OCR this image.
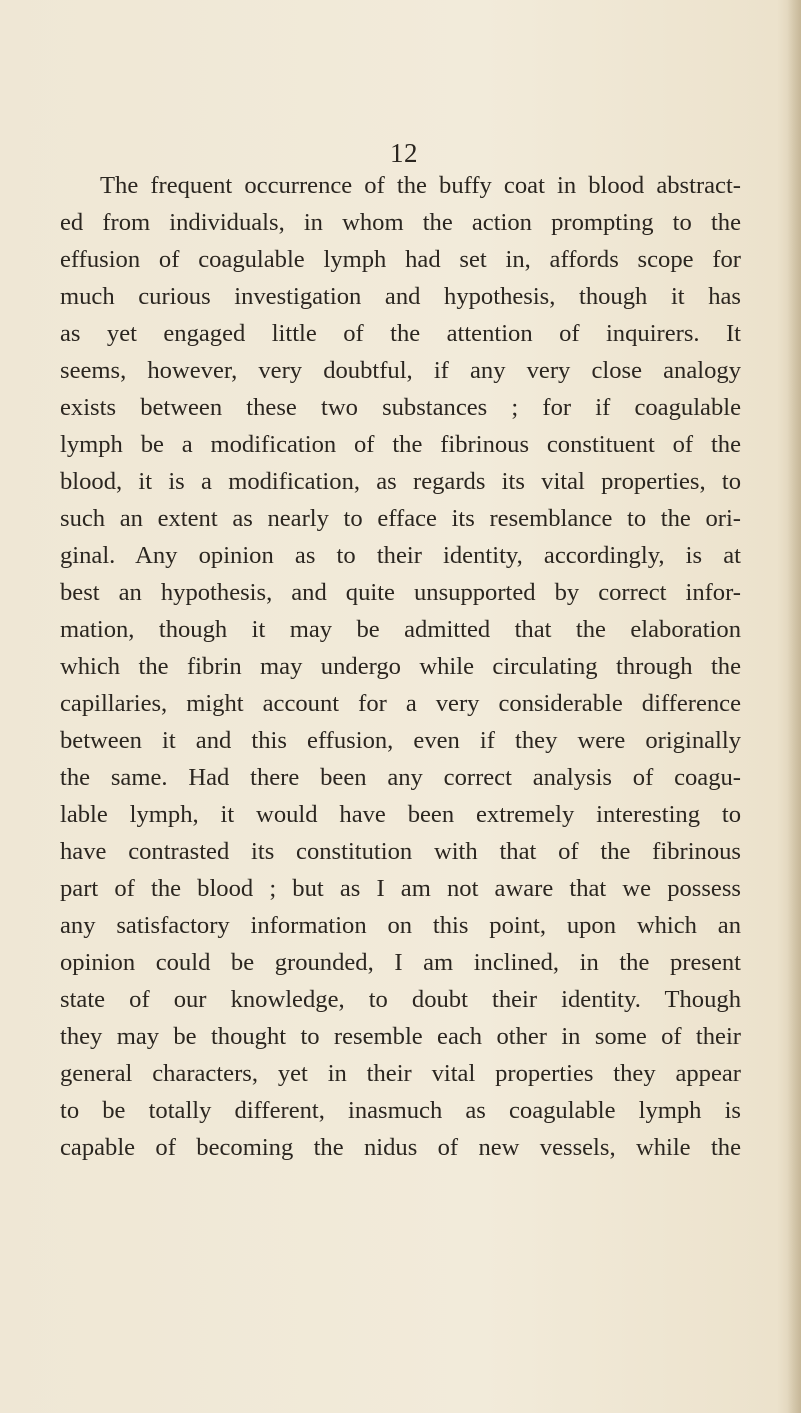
12
The frequent occurrence of the buffy coat in blood abstract-
ed from individuals, in whom the action prompting to the
effusion of coagulable lymph had set in, affords scope for
much curious investigation and hypothesis, though it has
as yet engaged little of the attention of inquirers. It
seems, however, very doubtful, if any very close analogy
exists between these two substances ; for if coagulable
lymph be a modification of the fibrinous constituent of the
blood, it is a modification, as regards its vital properties, to
such an extent as nearly to efface its resemblance to the ori-
ginal. Any opinion as to their identity, accordingly, is at
best an hypothesis, and quite unsupported by correct infor-
mation, though it may be admitted that the elaboration
which the fibrin may undergo while circulating through the
capillaries, might account for a very considerable difference
between it and this effusion, even if they were originally
the same. Had there been any correct analysis of coagu-
lable lymph, it would have been extremely interesting to
have contrasted its constitution with that of the fibrinous
part of the blood ; but as I am not aware that we possess
any satisfactory information on this point, upon which an
opinion could be grounded, I am inclined, in the present
state of our knowledge, to doubt their identity. Though
they may be thought to resemble each other in some of their
general characters, yet in their vital properties they appear
to be totally different, inasmuch as coagulable lymph is
capable of becoming the nidus of new vessels, while the
